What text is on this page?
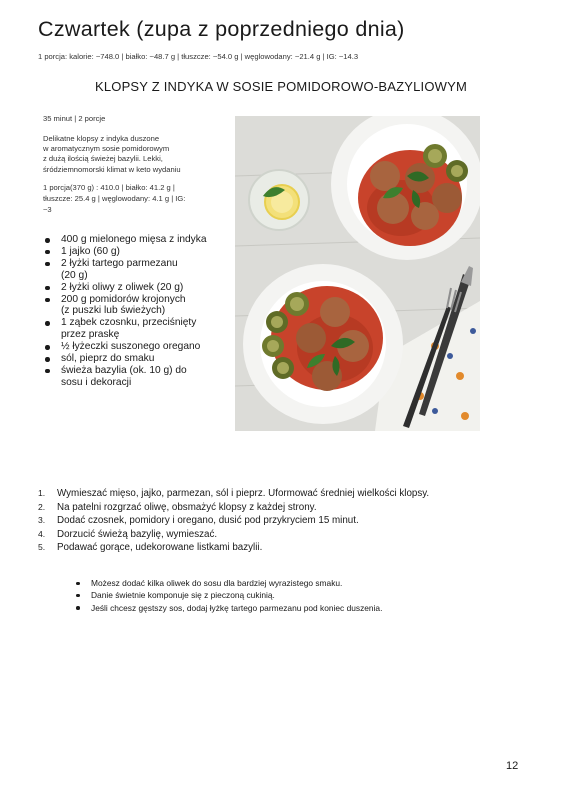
Czwartek (zupa z poprzedniego dnia)

1 porcja: kalorie: ~748.0 | białko: ~48.7 g | tłuszcze: ~54.0 g | węglowodany: ~21.4 g | IG: ~14.3

KLOPSY Z INDYKA W SOSIE POMIDOROWO-BAZYLIOWYM

35 minut | 2 porcje

Delikatne klopsy z indyka duszone
w aromatycznym sosie pomidorowym
z dużą ilością świeżej bazylii. Lekki,
śródziemnomorski klimat w keto wydaniu

1 porcja(370 g) : 410.0 | białko: 41.2 g |
tłuszcze: 25.4 g | węglowodany: 4.1 g | IG:
~3

400 g mielonego mięsa z indyka
1 jajko (60 g)
2 łyżki tartego parmezanu
(20 g)
2 łyżki oliwy z oliwek (20 g)
200 g pomidorów krojonych
(z puszki lub świeżych)
1 ząbek czosnku, przeciśnięty
przez praskę
½ łyżeczki suszonego oregano
sól, pieprz do smaku
świeża bazylia (ok. 10 g) do
sosu i dekoracji
1. Wymieszać mięso, jajko, parmezan, sól i pieprz. Uformować średniej wielkości klopsy.
2. Na patelni rozgrzać oliwę, obsmażyć klopsy z każdej strony.
3. Dodać czosnek, pomidory i oregano, dusić pod przykryciem 15 minut.
4. Dorzucić świeżą bazylię, wymieszać.
5. Podawać gorące, udekorowane listkami bazylii.
Możesz dodać kilka oliwek do sosu dla bardziej wyrazistego smaku.
Danie świetnie komponuje się z pieczoną cukinią.
Jeśli chcesz gęstszy sos, dodaj łyżkę tartego parmezanu pod koniec duszenia.
12
